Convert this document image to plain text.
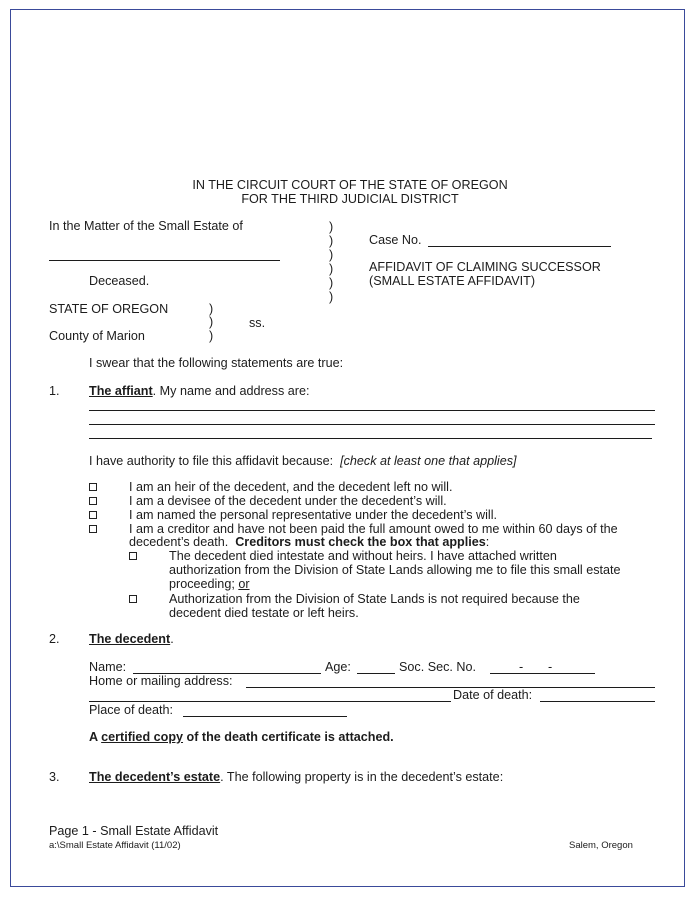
IN THE CIRCUIT COURT OF THE STATE OF OREGON
FOR THE THIRD JUDICIAL DISTRICT
In the Matter of the Small Estate of
Deceased.
)
)
)
)
)
)
Case No.
AFFIDAVIT OF CLAIMING SUCCESSOR
(SMALL ESTATE AFFIDAVIT)
STATE OF OREGON	)
)
)
ss.
County of Marion
I swear that the following statements are true:
1. The affiant. My name and address are:
I have authority to file this affidavit because: [check at least one that applies]
I am an heir of the decedent, and the decedent left no will.
I am a devisee of the decedent under the decedent’s will.
I am named the personal representative under the decedent’s will.
I am a creditor and have not been paid the full amount owed to me within 60 days of the
decedent’s death. Creditors must check the box that applies:
The decedent died intestate and without heirs. I have attached written
authorization from the Division of State Lands allowing me to file this small estate
proceeding; or
Authorization from the Division of State Lands is not required because the
decedent died testate or left heirs.
2. The decedent.
Name:	Age:	Soc. Sec. No.	- -
Home or mailing address:
Date of death:
Place of death:
A certified copy of the death certificate is attached.
3. The decedent’s estate. The following property is in the decedent’s estate:
Page 1 - Small Estate Affidavit
a:\Small Estate Affidavit (11/02)	Salem, Oregon
